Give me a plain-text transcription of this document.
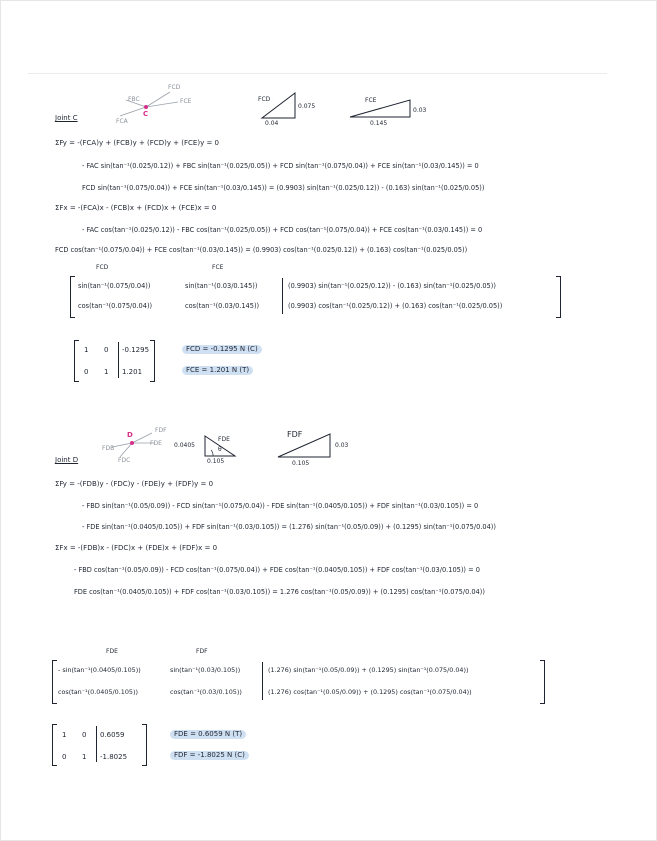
Joint C
FCD
FCE
FBC
FCA
C
FCD
0.075
0.04
FCE
0.03
0.145
ΣFy = -(FCA)y + (FCB)y + (FCD)y + (FCE)y = 0
- FAC sin(tan⁻¹(0.025/0.12)) + FBC sin(tan⁻¹(0.025/0.05)) + FCD sin(tan⁻¹(0.075/0.04)) + FCE sin(tan⁻¹(0.03/0.145)) = 0
FCD sin(tan⁻¹(0.075/0.04)) + FCE sin(tan⁻¹(0.03/0.145)) = (0.9903) sin(tan⁻¹(0.025/0.12)) - (0.163) sin(tan⁻¹(0.025/0.05))
ΣFx = -(FCA)x - (FCB)x + (FCD)x + (FCE)x = 0
- FAC cos(tan⁻¹(0.025/0.12)) - FBC cos(tan⁻¹(0.025/0.05)) + FCD cos(tan⁻¹(0.075/0.04)) + FCE cos(tan⁻¹(0.03/0.145)) = 0
FCD cos(tan⁻¹(0.075/0.04)) + FCE cos(tan⁻¹(0.03/0.145)) = (0.9903) cos(tan⁻¹(0.025/0.12)) + (0.163) cos(tan⁻¹(0.025/0.05))
FCD	FCE
sin(tan⁻¹(0.075/0.04))	sin(tan⁻¹(0.03/0.145))	(0.9903) sin(tan⁻¹(0.025/0.12)) - (0.163) sin(tan⁻¹(0.025/0.05))
cos(tan⁻¹(0.075/0.04))	cos(tan⁻¹(0.03/0.145))	(0.9903) cos(tan⁻¹(0.025/0.12)) + (0.163) cos(tan⁻¹(0.025/0.05))
1 0 -0.1295
0 1 1.201
FCD = -0.1295 N (C)
FCE = 1.201 N (T)
Joint D
FDF
FDE
FDB
FDC
D
0.0405
FDE
θ
0.105
FDF
0.03
0.105
ΣFy = -(FDB)y - (FDC)y - (FDE)y + (FDF)y = 0
- FBD sin(tan⁻¹(0.05/0.09)) - FCD sin(tan⁻¹(0.075/0.04)) - FDE sin(tan⁻¹(0.0405/0.105)) + FDF sin(tan⁻¹(0.03/0.105)) = 0
- FDE sin(tan⁻¹(0.0405/0.105)) + FDF sin(tan⁻¹(0.03/0.105)) = (1.276) sin(tan⁻¹(0.05/0.09)) + (0.1295) sin(tan⁻¹(0.075/0.04))
ΣFx = -(FDB)x - (FDC)x + (FDE)x + (FDF)x = 0
- FBD cos(tan⁻¹(0.05/0.09)) - FCD cos(tan⁻¹(0.075/0.04)) + FDE cos(tan⁻¹(0.0405/0.105)) + FDF cos(tan⁻¹(0.03/0.105)) = 0
FDE cos(tan⁻¹(0.0405/0.105)) + FDF cos(tan⁻¹(0.03/0.105)) = 1.276 cos(tan⁻¹(0.05/0.09)) + (0.1295) cos(tan⁻¹(0.075/0.04))
FDE	FDF
- sin(tan⁻¹(0.0405/0.105))	sin(tan⁻¹(0.03/0.105))	(1.276) sin(tan⁻¹(0.05/0.09)) + (0.1295) sin(tan⁻¹(0.075/0.04))
cos(tan⁻¹(0.0405/0.105))	cos(tan⁻¹(0.03/0.105))	(1.276) cos(tan⁻¹(0.05/0.09)) + (0.1295) cos(tan⁻¹(0.075/0.04))
1 0 0.6059
0 1 -1.8025
FDE = 0.6059 N (T)
FDF = -1.8025 N (C)
